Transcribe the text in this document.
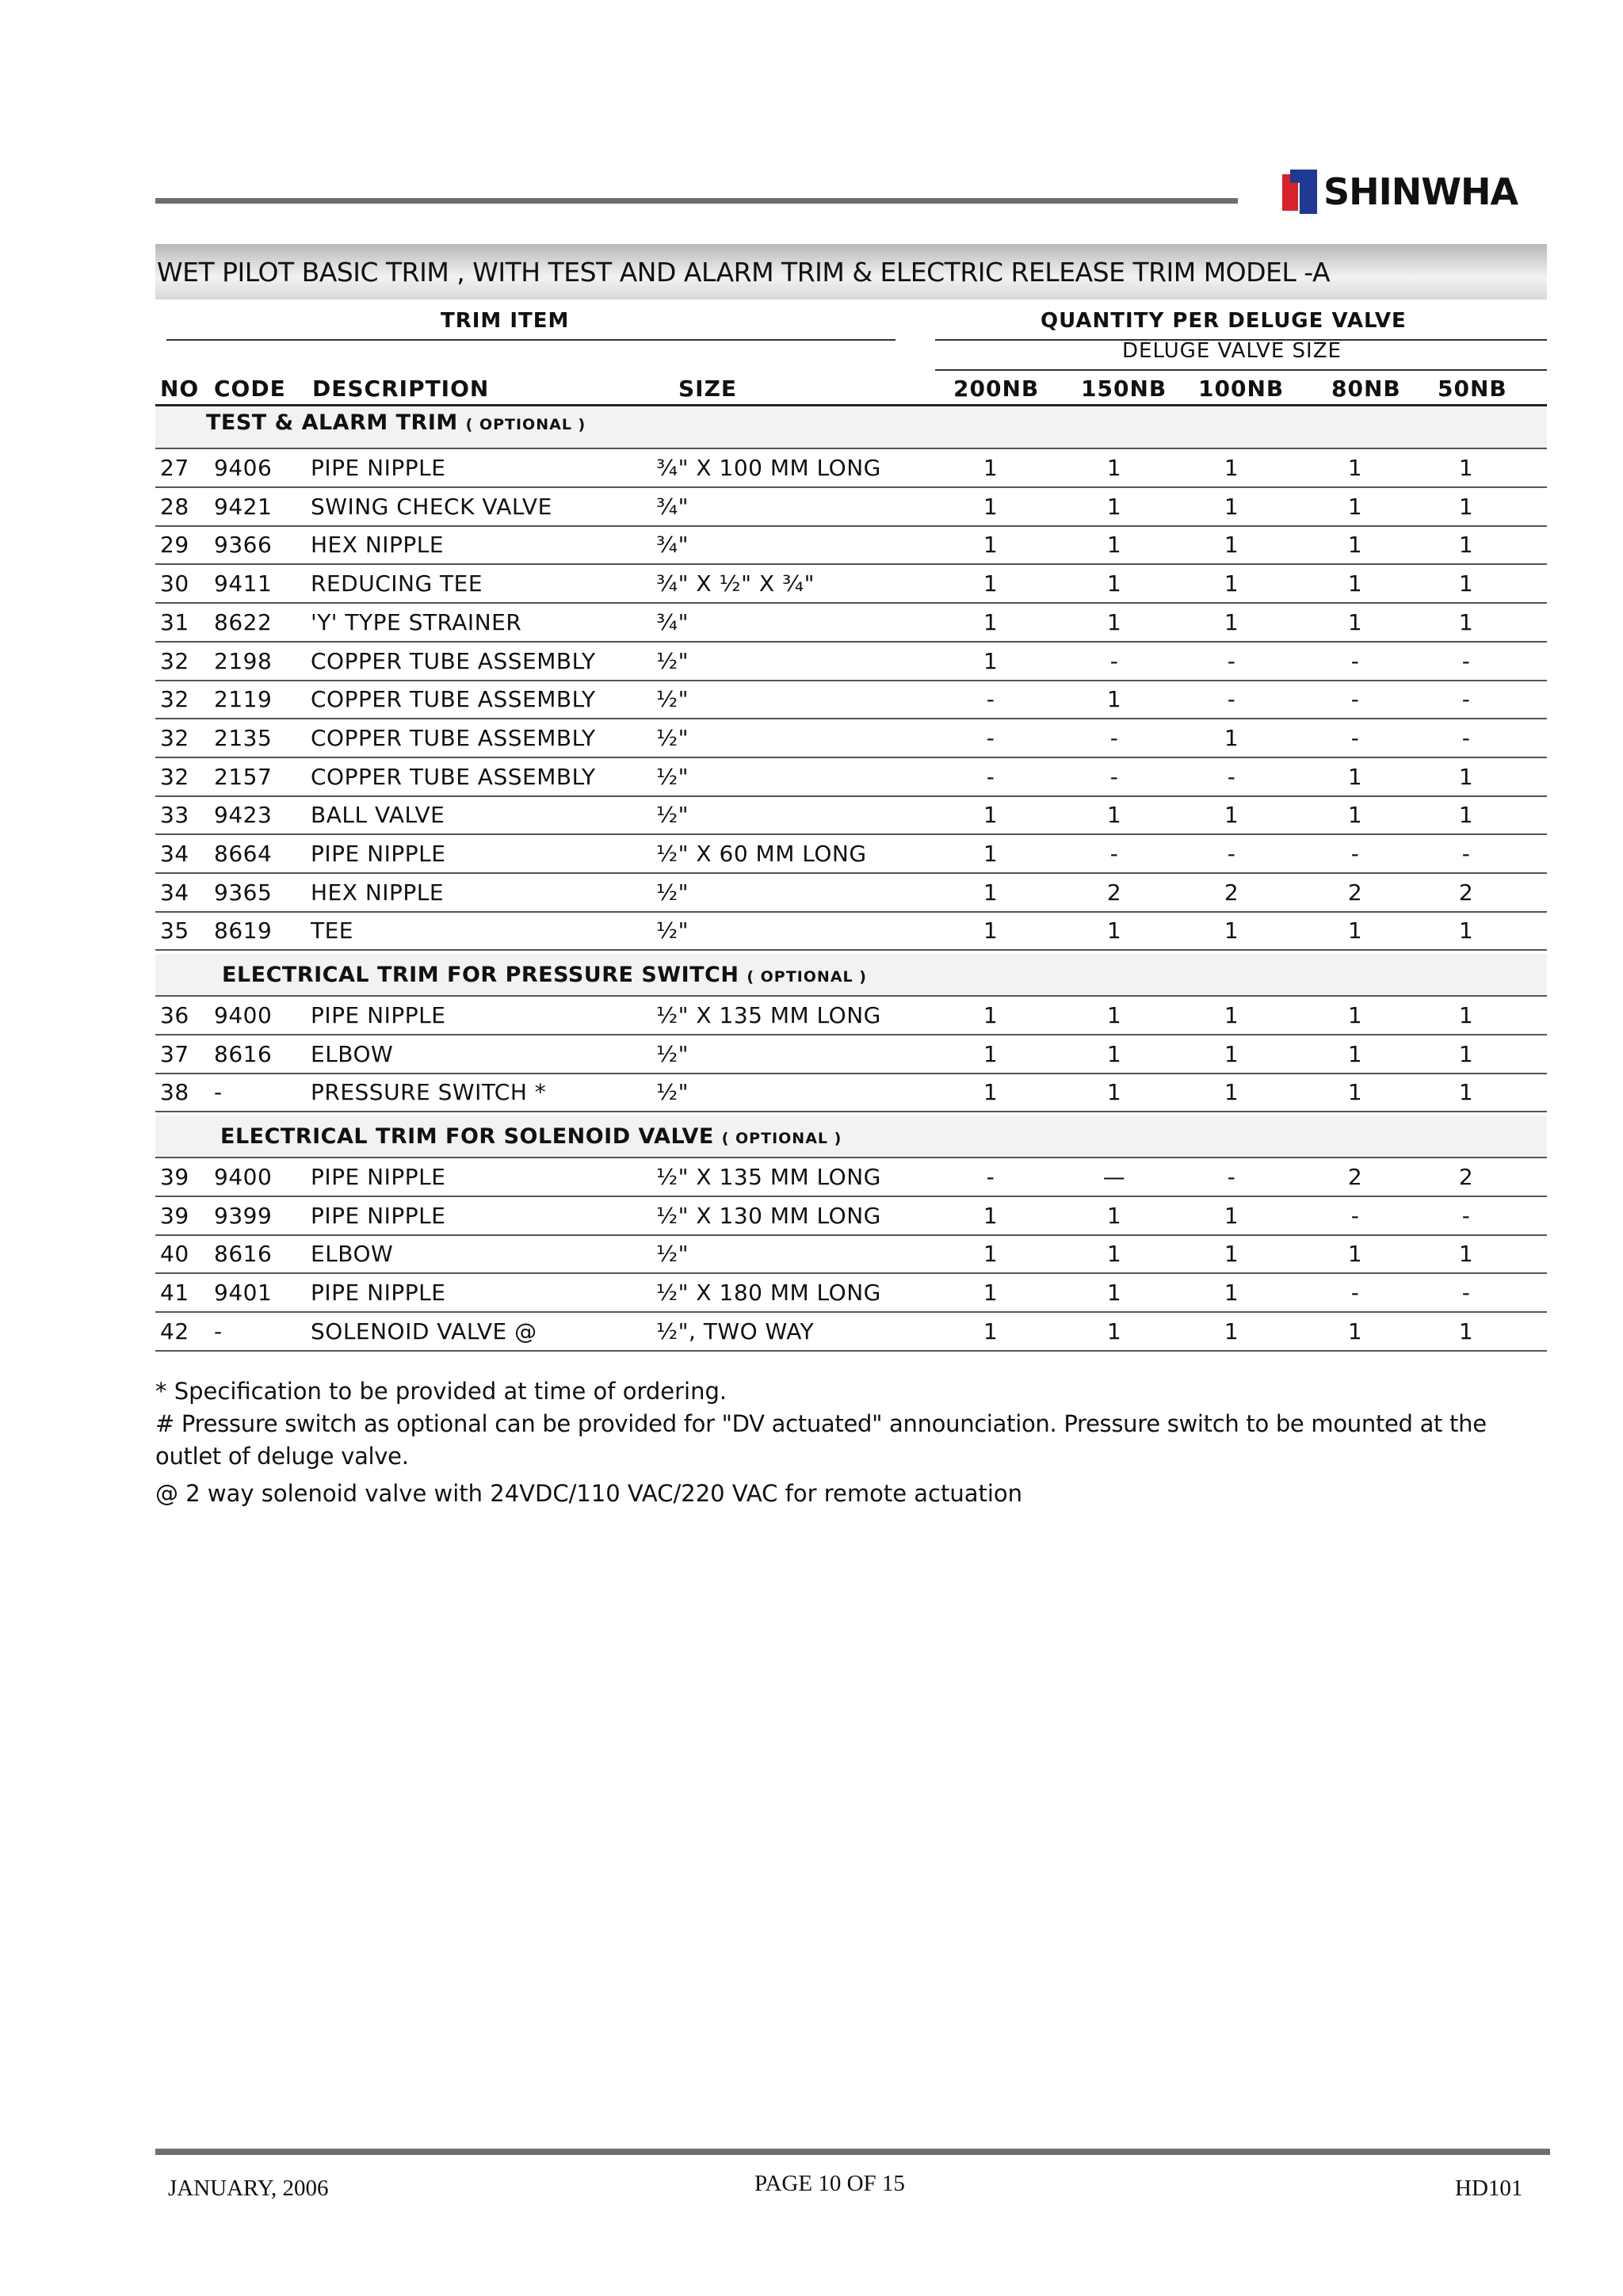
SHINWHA
WET PILOT BASIC TRIM , WITH TEST AND ALARM TRIM & ELECTRIC RELEASE TRIM MODEL -A
TRIM ITEM	QUANTITY PER DELUGE VALVE
DELUGE VALVE SIZE
NO CODE DESCRIPTION	SIZE	200NB 150NB 100NB 80NB 50NB
TEST & ALARM TRIM ( OPTIONAL )
27 9406 PIPE NIPPLE	¾" X 100 MM LONG	1	1	1	1	1
28 9421 SWING CHECK VALVE	¾"	1	1	1	1	1
29 9366 HEX NIPPLE	¾"	1	1	1	1	1
30 9411 REDUCING TEE	¾" X ½" X ¾"	1	1	1	1	1
31 8622 'Y' TYPE STRAINER	¾"	1	1	1	1	1
32 2198 COPPER TUBE ASSEMBLY	½"	1	-	-	-	-
32 2119 COPPER TUBE ASSEMBLY	½"	-	1	-	-	-
32 2135 COPPER TUBE ASSEMBLY	½"	-	-	1	-	-
32 2157 COPPER TUBE ASSEMBLY	½"	-	-	-	1	1
33 9423 BALL VALVE	½"	1	1	1	1	1
34 8664 PIPE NIPPLE	½" X 60 MM LONG	1	-	-	-	-
34 9365 HEX NIPPLE	½"	1	2	2	2	2
35 8619 TEE	½"	1	1	1	1	1
ELECTRICAL TRIM FOR PRESSURE SWITCH ( OPTIONAL )
36 9400 PIPE NIPPLE	½" X 135 MM LONG	1	1	1	1	1
37 8616 ELBOW	½"	1	1	1	1	1
38 -	PRESSURE SWITCH *	½"	1	1	1	1	1
ELECTRICAL TRIM FOR SOLENOID VALVE ( OPTIONAL )
39 9400 PIPE NIPPLE	½" X 135 MM LONG	-	—	-	2	2
39 9399 PIPE NIPPLE	½" X 130 MM LONG	1	1	1	-	-
40 8616 ELBOW	½"	1	1	1	1	1
41 9401 PIPE NIPPLE	½" X 180 MM LONG	1	1	1	-	-
42 -	SOLENOID VALVE @	½", TWO WAY	1	1	1	1	1
* Specification to be provided at time of ordering.
# Pressure switch as optional can be provided for "DV actuated" announciation. Pressure switch to be mounted at the outlet of deluge valve.
@ 2 way solenoid valve with 24VDC/110 VAC/220 VAC for remote actuation
JANUARY, 2006	PAGE 10 OF 15	HD101
